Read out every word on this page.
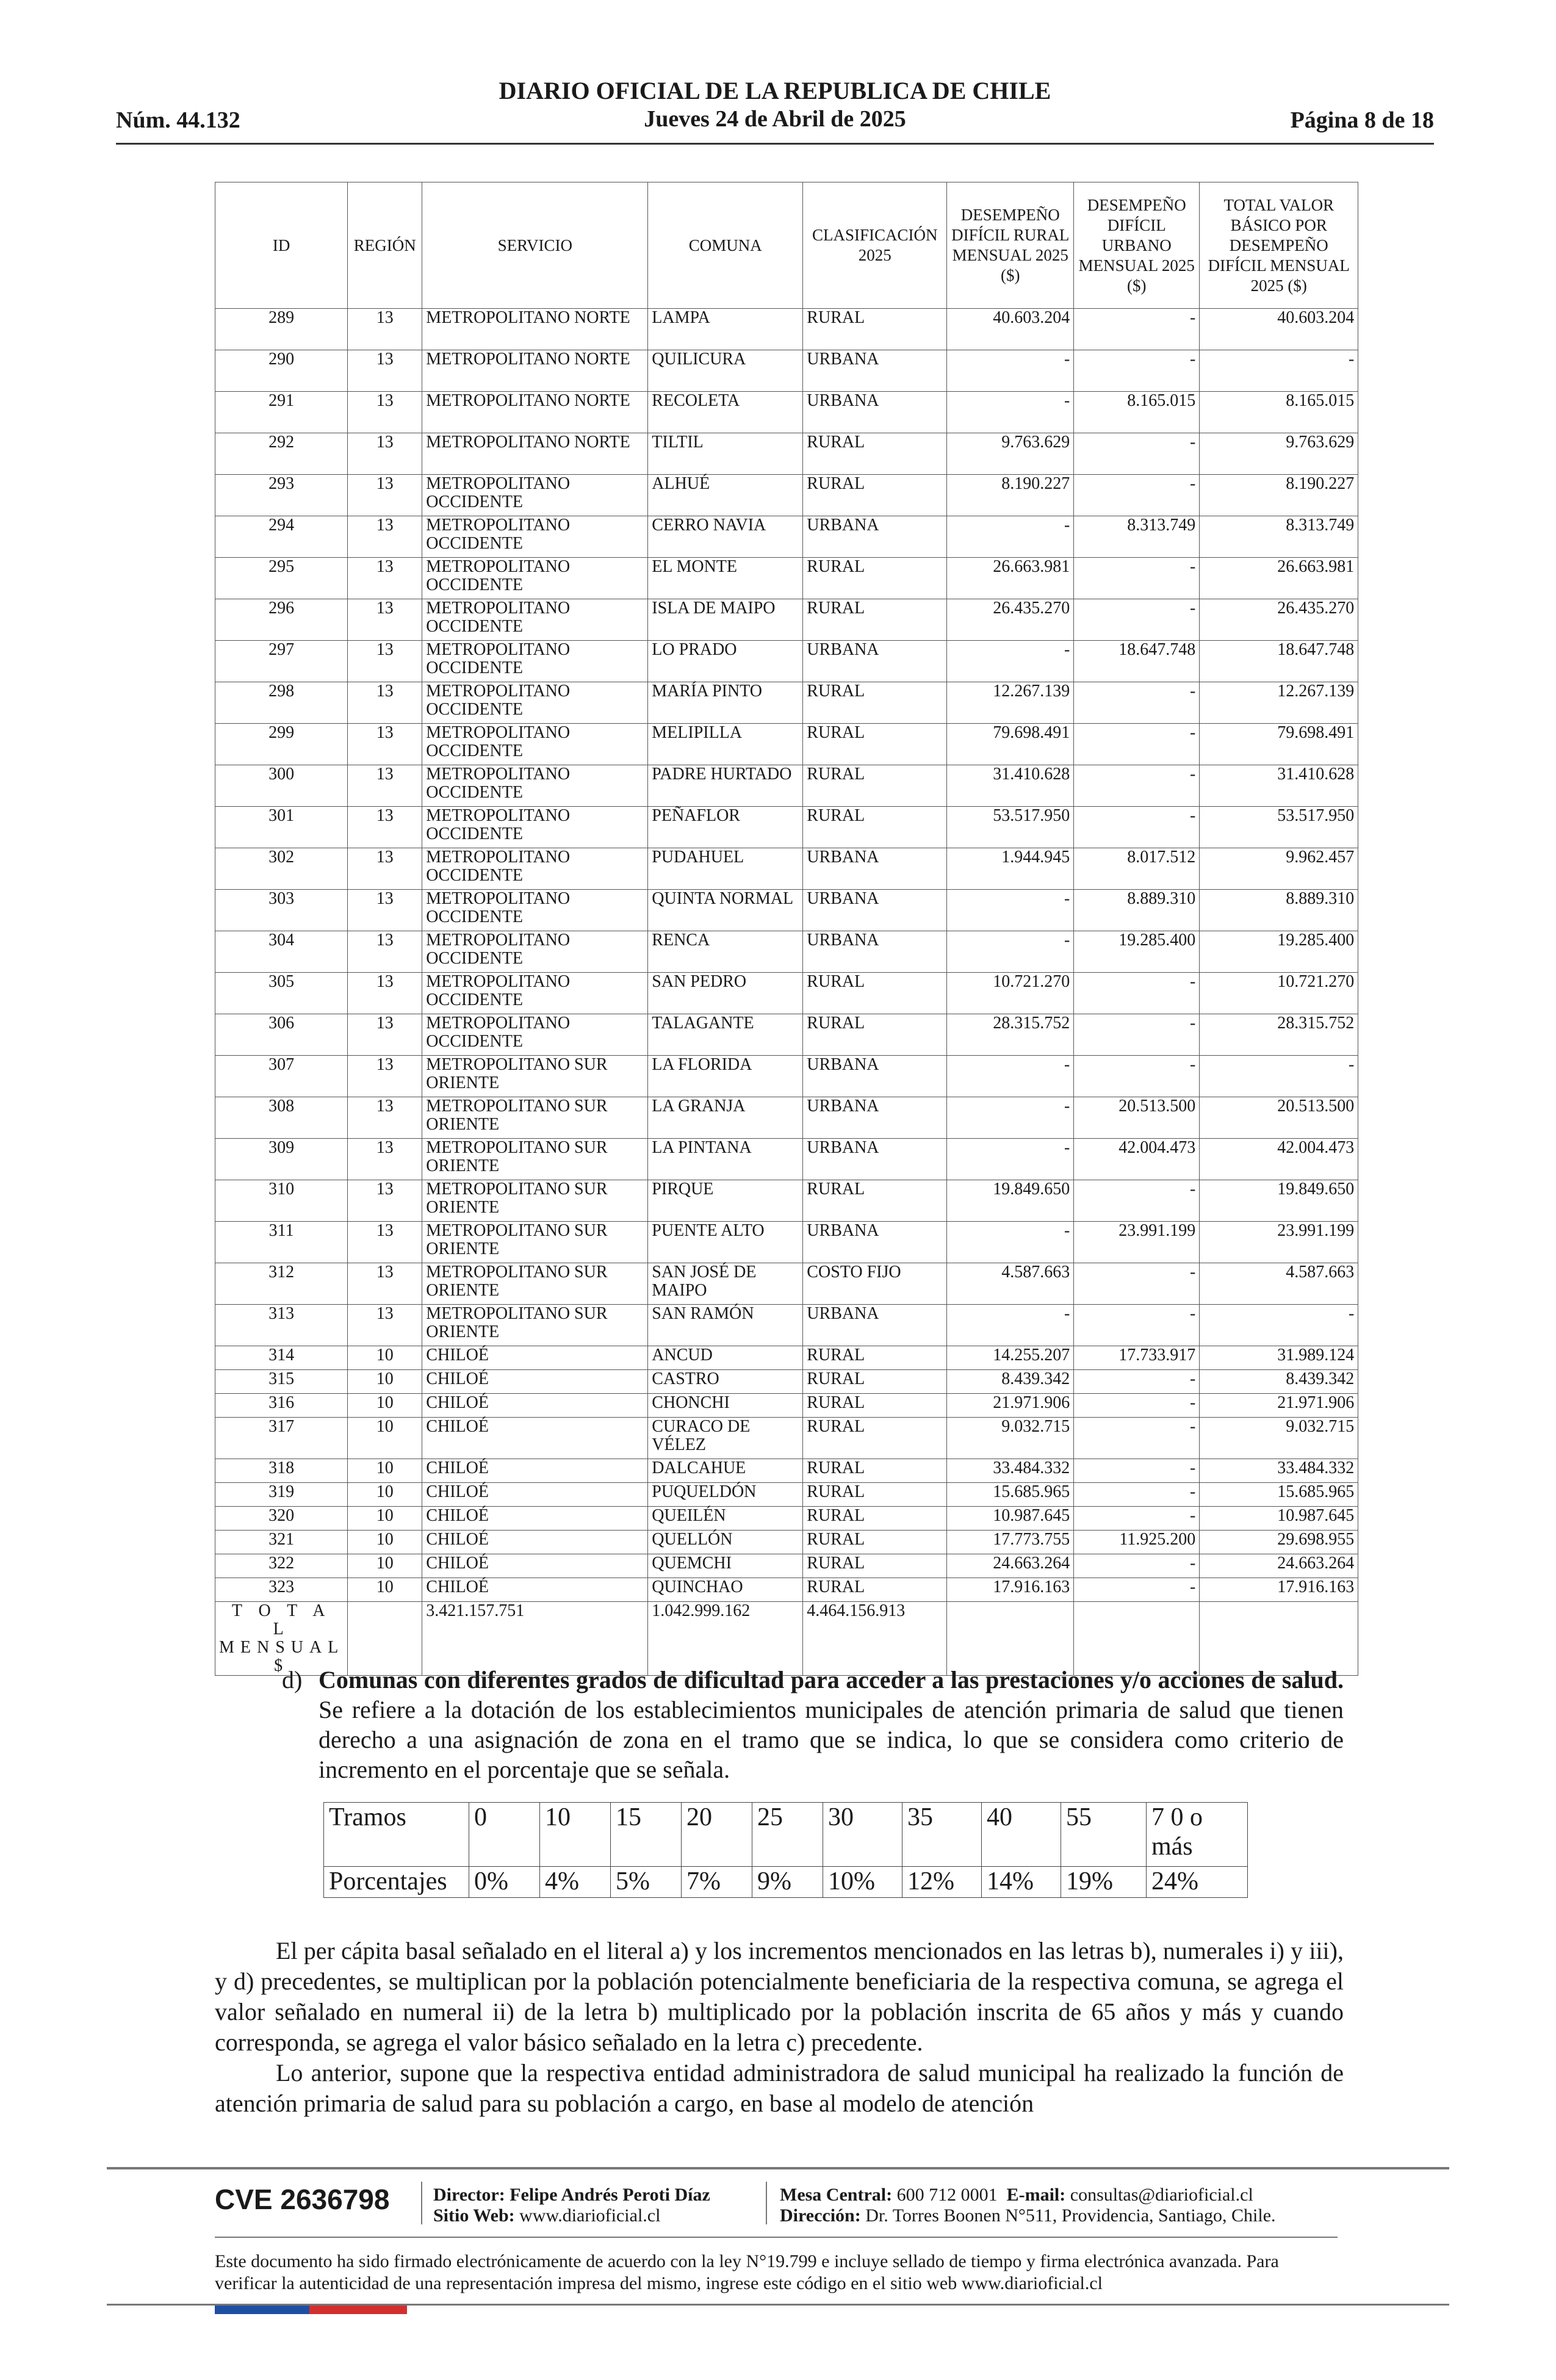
Núm. 44.132
DIARIO OFICIAL DE LA REPUBLICA DE CHILE
Jueves 24 de Abril de 2025	Página 8 de 18
ID	REGIÓN	SERVICIO	COMUNA	CLASIFICACIÓN 2025	DESEMPEÑO DIFÍCIL RURAL MENSUAL 2025 ($)	DESEMPEÑO DIFÍCIL URBANO MENSUAL 2025 ($)	TOTAL VALOR BÁSICO POR DESEMPEÑO DIFÍCIL MENSUAL 2025 ($)
289	13	METROPOLITANO NORTE	LAMPA	RURAL	40.603.204	-	40.603.204
290	13	METROPOLITANO NORTE	QUILICURA	URBANA	-	-	-
291	13	METROPOLITANO NORTE	RECOLETA	URBANA	-	8.165.015	8.165.015
292	13	METROPOLITANO NORTE	TILTIL	RURAL	9.763.629	-	9.763.629
293	13	METROPOLITANO OCCIDENTE	ALHUÉ	RURAL	8.190.227	-	8.190.227
294	13	METROPOLITANO OCCIDENTE	CERRO NAVIA	URBANA	-	8.313.749	8.313.749
295	13	METROPOLITANO OCCIDENTE	EL MONTE	RURAL	26.663.981	-	26.663.981
296	13	METROPOLITANO OCCIDENTE	ISLA DE MAIPO	RURAL	26.435.270	-	26.435.270
297	13	METROPOLITANO OCCIDENTE	LO PRADO	URBANA	-	18.647.748	18.647.748
298	13	METROPOLITANO OCCIDENTE	MARÍA PINTO	RURAL	12.267.139	-	12.267.139
299	13	METROPOLITANO OCCIDENTE	MELIPILLA	RURAL	79.698.491	-	79.698.491
300	13	METROPOLITANO OCCIDENTE	PADRE HURTADO	RURAL	31.410.628	-	31.410.628
301	13	METROPOLITANO OCCIDENTE	PEÑAFLOR	RURAL	53.517.950	-	53.517.950
302	13	METROPOLITANO OCCIDENTE	PUDAHUEL	URBANA	1.944.945	8.017.512	9.962.457
303	13	METROPOLITANO OCCIDENTE	QUINTA NORMAL	URBANA	-	8.889.310	8.889.310
304	13	METROPOLITANO OCCIDENTE	RENCA	URBANA	-	19.285.400	19.285.400
305	13	METROPOLITANO OCCIDENTE	SAN PEDRO	RURAL	10.721.270	-	10.721.270
306	13	METROPOLITANO OCCIDENTE	TALAGANTE	RURAL	28.315.752	-	28.315.752
307	13	METROPOLITANO SUR ORIENTE	LA FLORIDA	URBANA	-	-	-
308	13	METROPOLITANO SUR ORIENTE	LA GRANJA	URBANA	-	20.513.500	20.513.500
309	13	METROPOLITANO SUR ORIENTE	LA PINTANA	URBANA	-	42.004.473	42.004.473
310	13	METROPOLITANO SUR ORIENTE	PIRQUE	RURAL	19.849.650	-	19.849.650
311	13	METROPOLITANO SUR ORIENTE	PUENTE ALTO	URBANA	-	23.991.199	23.991.199
312	13	METROPOLITANO SUR ORIENTE	SAN JOSÉ DE MAIPO	COSTO FIJO	4.587.663	-	4.587.663
313	13	METROPOLITANO SUR ORIENTE	SAN RAMÓN	URBANA	-	-	-
314	10	CHILOÉ	ANCUD	RURAL	14.255.207	17.733.917	31.989.124
315	10	CHILOÉ	CASTRO	RURAL	8.439.342	-	8.439.342
316	10	CHILOÉ	CHONCHI	RURAL	21.971.906	-	21.971.906
317	10	CHILOÉ	CURACO DE VÉLEZ	RURAL	9.032.715	-	9.032.715
318	10	CHILOÉ	DALCAHUE	RURAL	33.484.332	-	33.484.332
319	10	CHILOÉ	PUQUELDÓN	RURAL	15.685.965	-	15.685.965
320	10	CHILOÉ	QUEILÉN	RURAL	10.987.645	-	10.987.645
321	10	CHILOÉ	QUELLÓN	RURAL	17.773.755	11.925.200	29.698.955
322	10	CHILOÉ	QUEMCHI	RURAL	24.663.264	-	24.663.264
323	10	CHILOÉ	QUINCHAO	RURAL	17.916.163	-	17.916.163
T O T A L MENSUAL $		3.421.157.751	1.042.999.162	4.464.156.913			
d) Comunas con diferentes grados de dificultad para acceder a las prestaciones y/o acciones de salud. Se refiere a la dotación de los establecimientos municipales de atención primaria de salud que tienen derecho a una asignación de zona en el tramo que se indica, lo que se considera como criterio de incremento en el porcentaje que se señala.
Tramos	0	10	15	20	25	30	35	40	55	7 0 o más
Porcentajes	0%	4%	5%	7%	9%	10%	12%	14%	19%	24%

El per cápita basal señalado en el literal a) y los incrementos mencionados en las letras b), numerales i) y iii), y d) precedentes, se multiplican por la población potencialmente beneficiaria de la respectiva comuna, se agrega el valor señalado en numeral ii) de la letra b) multiplicado por la población inscrita de 65 años y más y cuando corresponda, se agrega el valor básico señalado en la letra c) precedente.

Lo anterior, supone que la respectiva entidad administradora de salud municipal ha realizado la función de atención primaria de salud para su población a cargo, en base al modelo de atención

CVE 2636798 Director: Felipe Andrés Peroti Díaz
Sitio Web: www.diarioficial.cl
Mesa Central: 600 712 0001 E-mail: consultas@diarioficial.cl
Dirección: Dr. Torres Boonen N°511, Providencia, Santiago, Chile.
Este documento ha sido firmado electrónicamente de acuerdo con la ley N°19.799 e incluye sellado de tiempo y firma electrónica avanzada. Para verificar la autenticidad de una representación impresa del mismo, ingrese este código en el sitio web www.diarioficial.cl
